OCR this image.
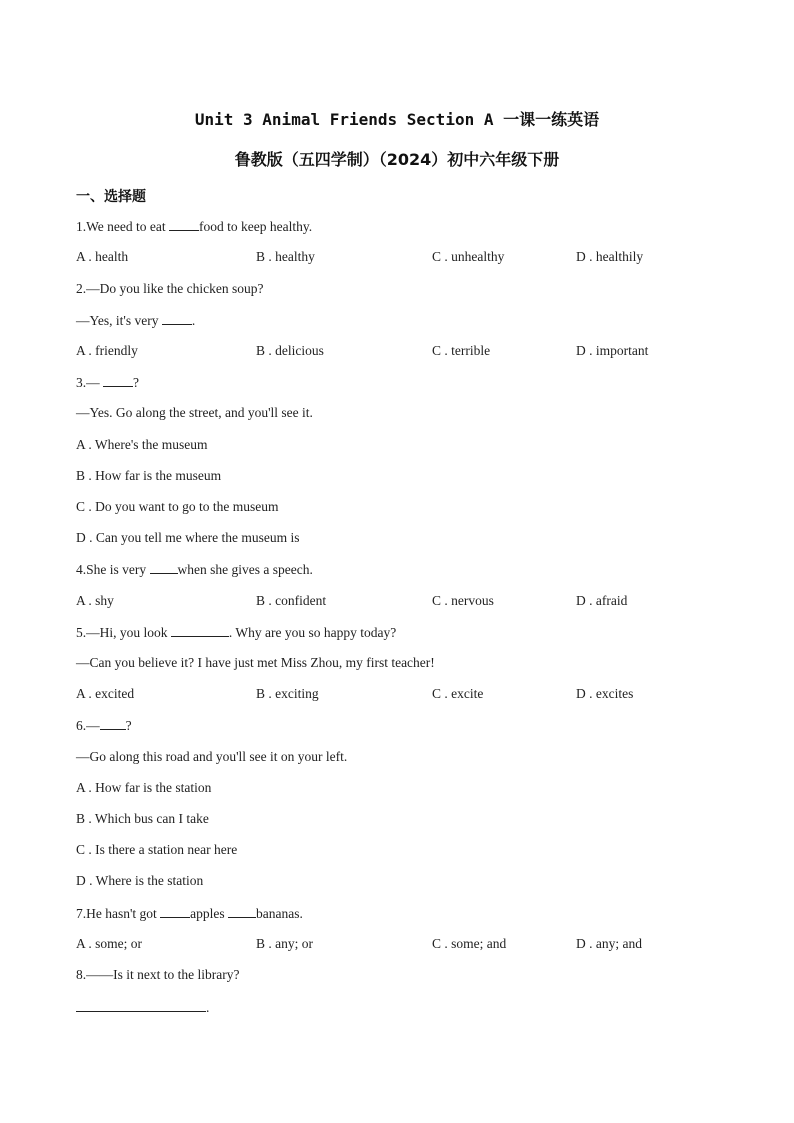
Unit 3 Animal Friends Section A 一课一练英语
鲁教版（五四学制）（2024）初中六年级下册
一、选择题
1.We need to eat food to keep healthy.
A . health	B . healthy	C . unhealthy	D . healthily
2.—Do you like the chicken soup?
—Yes, it's very .
A . friendly	B . delicious	C . terrible	D . important
3.— ?
—Yes. Go along the street, and you'll see it.
A . Where's the museum
B . How far is the museum
C . Do you want to go to the museum
D . Can you tell me where the museum is
4.She is very when she gives a speech.
A . shy	B . confident	C . nervous	D . afraid
5.—Hi, you look	. Why are you so happy today?
—Can you believe it? I have just met Miss Zhou, my first teacher!
A . excited	B . exciting	C . excite	D . excites
6.— ?
—Go along this road and you'll see it on your left.
A . How far is the station
B . Which bus can I take
C . Is there a station near here
D . Where is the station
7.He hasn't got apples bananas.
A . some; or	B . any; or	C . some; and	D . any; and
8.——Is it next to the library?
.
